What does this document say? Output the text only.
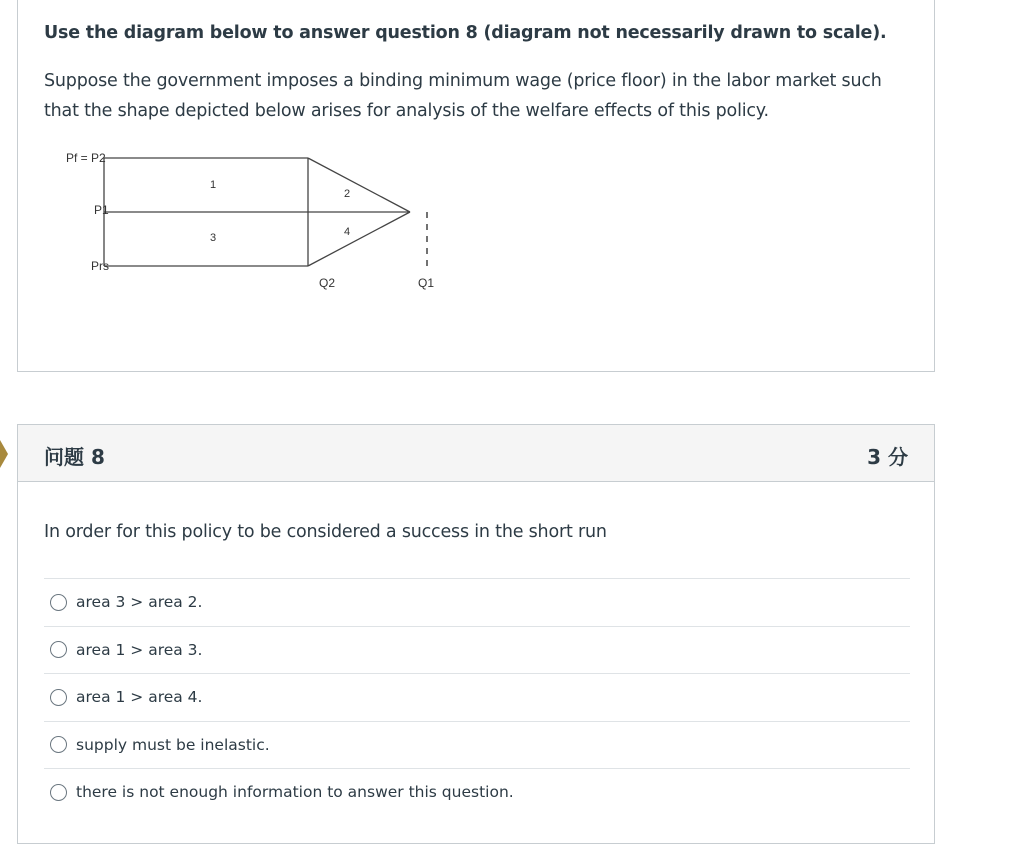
Use the diagram below to answer question 8 (diagram not necessarily drawn to scale).
Suppose the government imposes a binding minimum wage (price floor) in the labor market such that the shape depicted below arises for analysis of the welfare effects of this policy.
Pf = P2
P1
Prs
1
2
3	4
Q2	Q1
问题 8	3 分
In order for this policy to be considered a success in the short run
area 3 > area 2.
area 1 > area 3.
area 1 > area 4.
supply must be inelastic.
there is not enough information to answer this question.
